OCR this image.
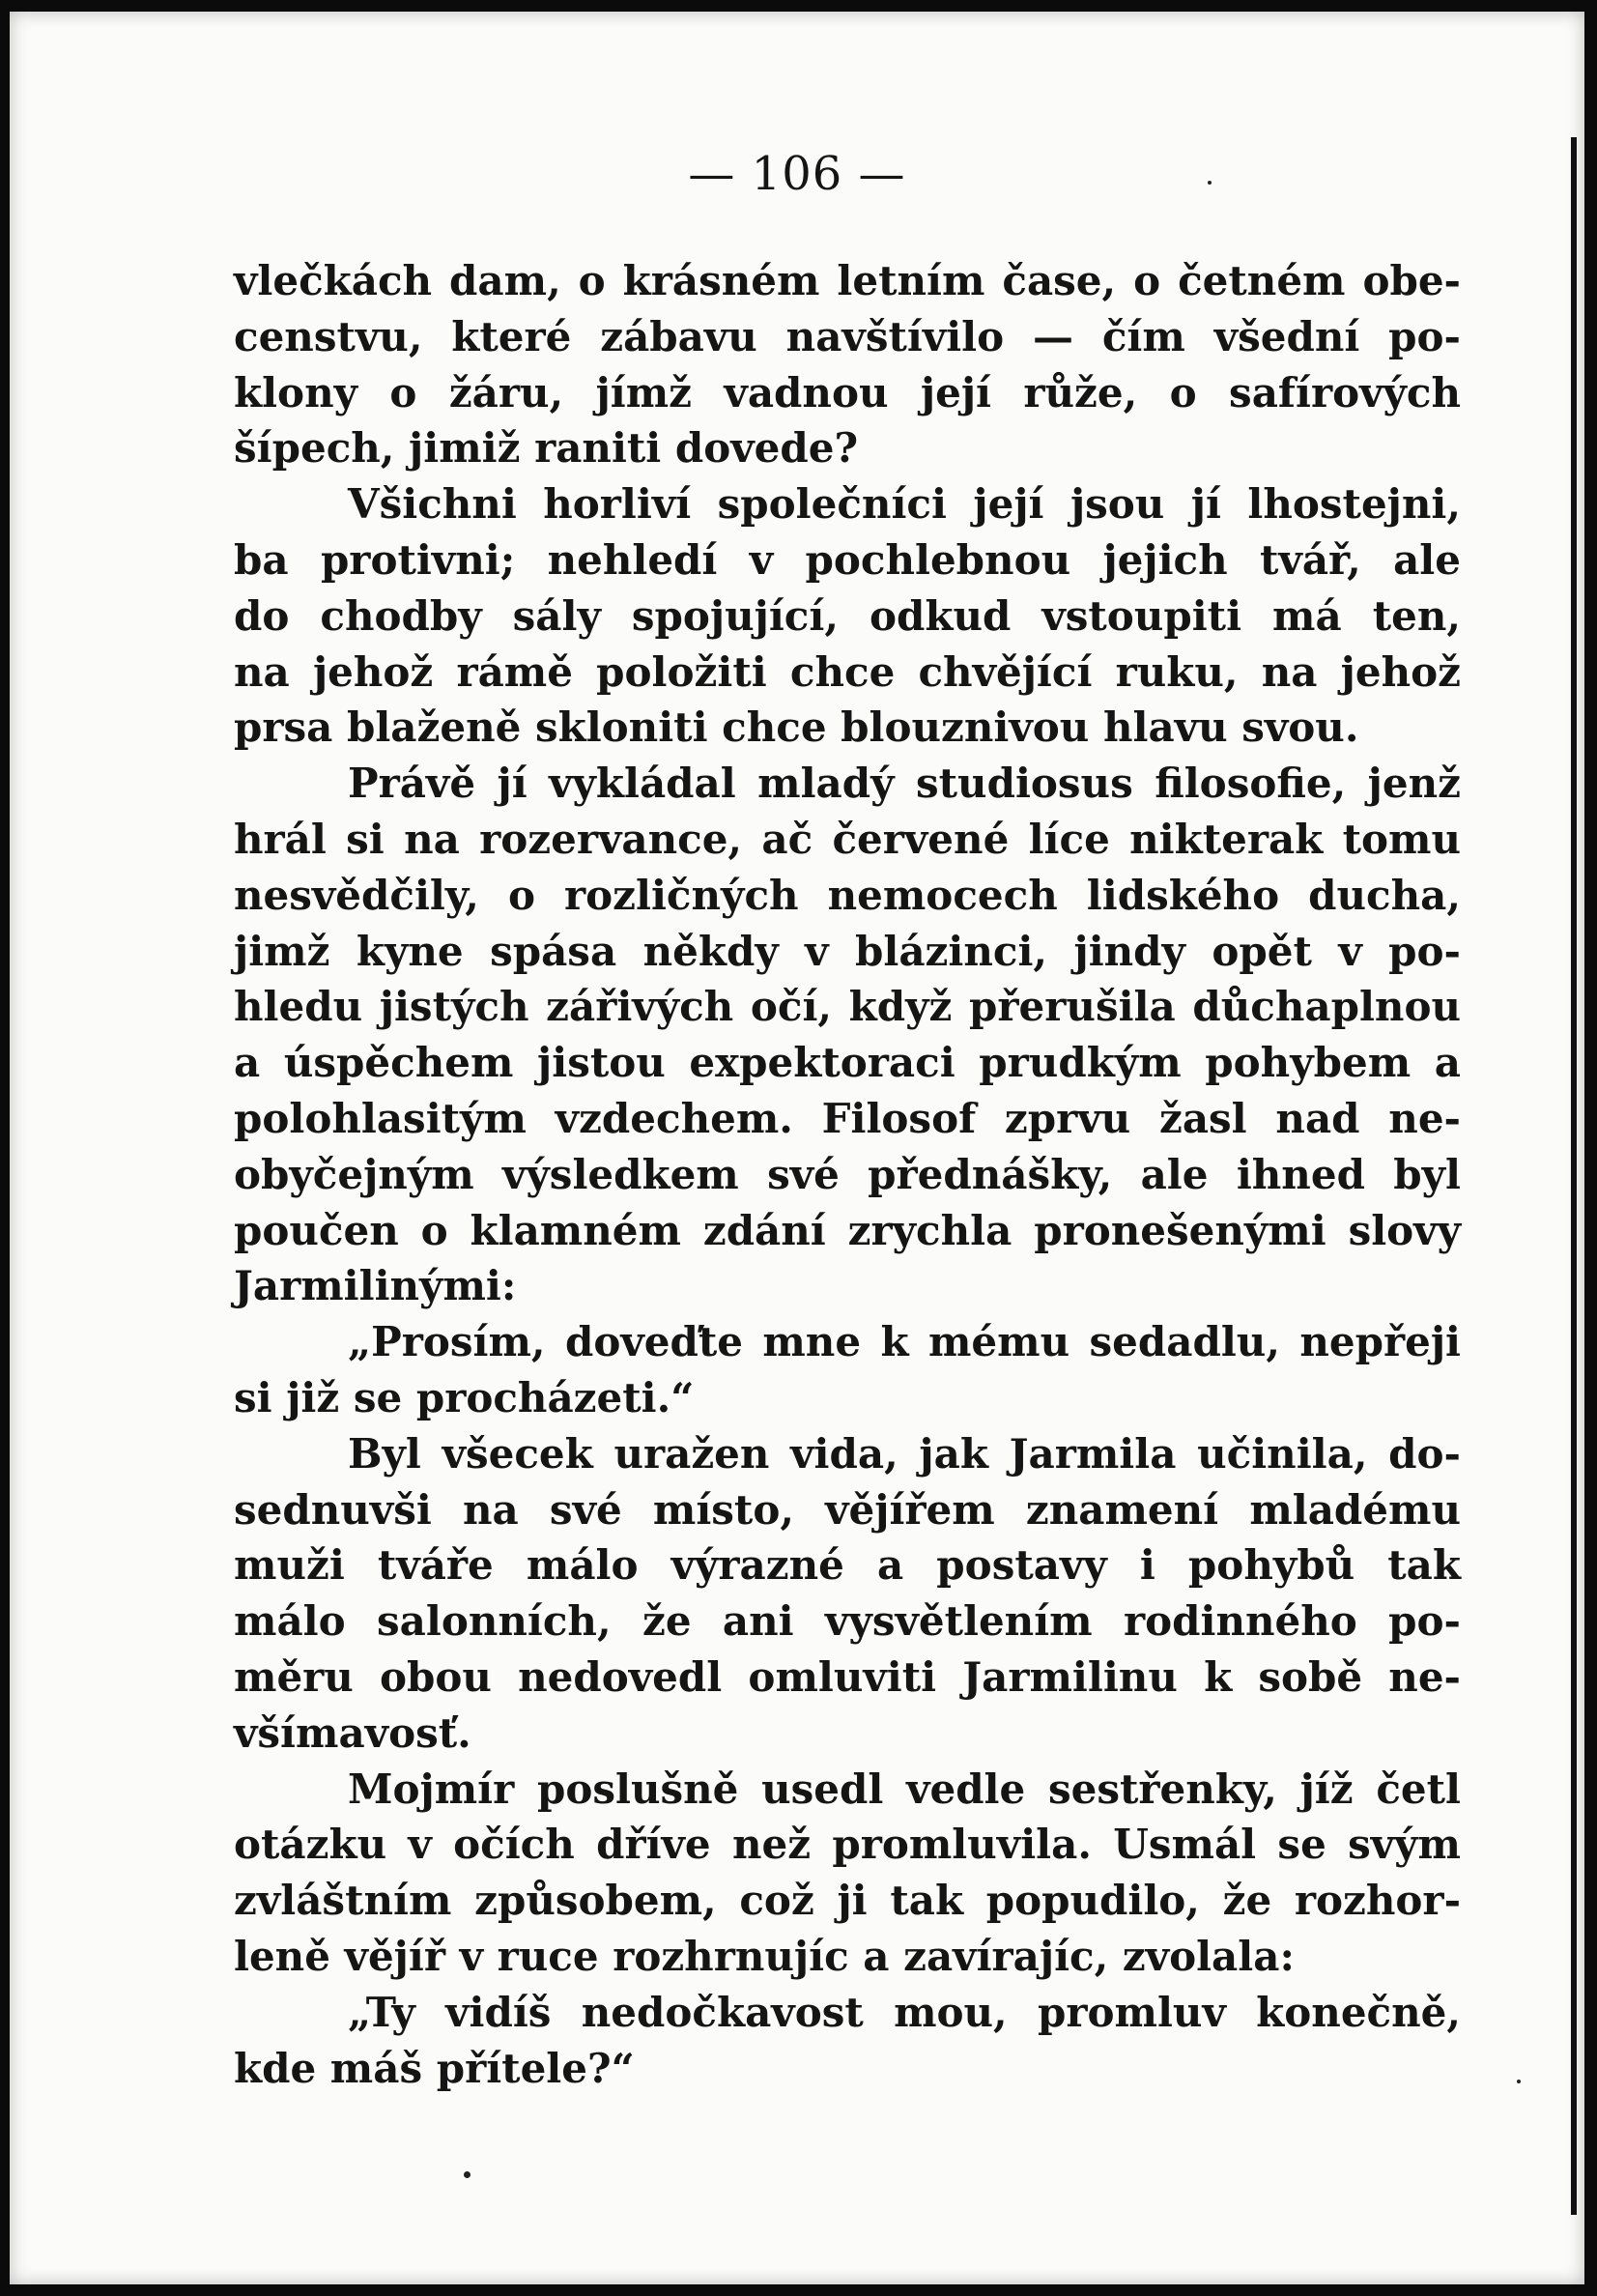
— 106 —
vlečkách dam, o krásném letním čase, o četném obe-
censtvu, které zábavu navštívilo — čím všední po-
klony o žáru, jímž vadnou její růže, o safírových
šípech, jimiž raniti dovede?
Všichni horliví společníci její jsou jí lhostejni,
ba protivni; nehledí v pochlebnou jejich tvář, ale
do chodby sály spojující, odkud vstoupiti má ten,
na jehož rámě položiti chce chvějící ruku, na jehož
prsa blaženě skloniti chce blouznivou hlavu svou.
Právě jí vykládal mladý studiosus filosofie, jenž
hrál si na rozervance, ač červené líce nikterak tomu
nesvědčily, o rozličných nemocech lidského ducha,
jimž kyne spása někdy v blázinci, jindy opět v po-
hledu jistých zářivých očí, když přerušila důchaplnou
a úspěchem jistou expektoraci prudkým pohybem a
polohlasitým vzdechem. Filosof zprvu žasl nad ne-
obyčejným výsledkem své přednášky, ale ihned byl
poučen o klamném zdání zrychla pronešenými slovy
Jarmilinými:
„Prosím, doveďte mne k mému sedadlu, nepřeji
si již se procházeti.“
Byl všecek uražen vida, jak Jarmila učinila, do-
sednuvši na své místo, vějířem znamení mladému
muži tváře málo výrazné a postavy i pohybů tak
málo salonních, že ani vysvětlením rodinného po-
měru obou nedovedl omluviti Jarmilinu k sobě ne-
všímavosť.
Mojmír poslušně usedl vedle sestřenky, jíž četl
otázku v očích dříve než promluvila. Usmál se svým
zvláštním způsobem, což ji tak popudilo, že rozhor-
leně vějíř v ruce rozhrnujíc a zavírajíc, zvolala:
„Ty vidíš nedočkavost mou, promluv konečně,
kde máš přítele?“
